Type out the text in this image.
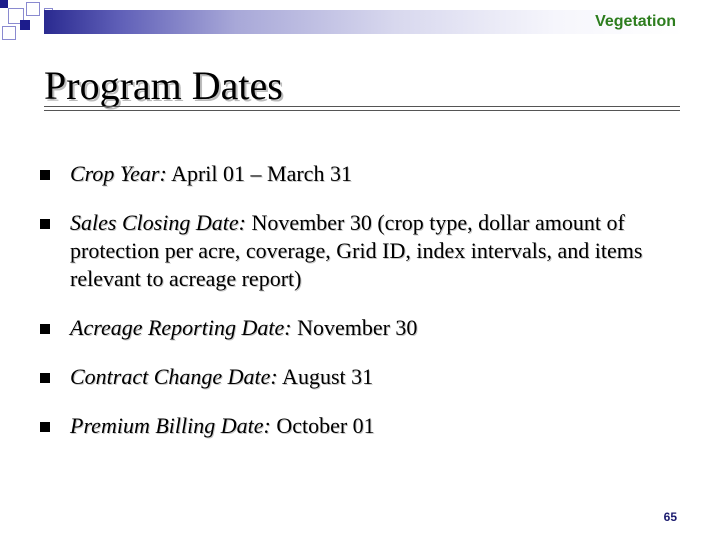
Vegetation
Program Dates
Crop Year: April 01 – March 31
Sales Closing Date: November 30 (crop type, dollar amount of protection per acre, coverage, Grid ID, index intervals, and items relevant to acreage report)
Acreage Reporting Date: November 30
Contract Change Date: August 31
Premium Billing Date: October 01
65
